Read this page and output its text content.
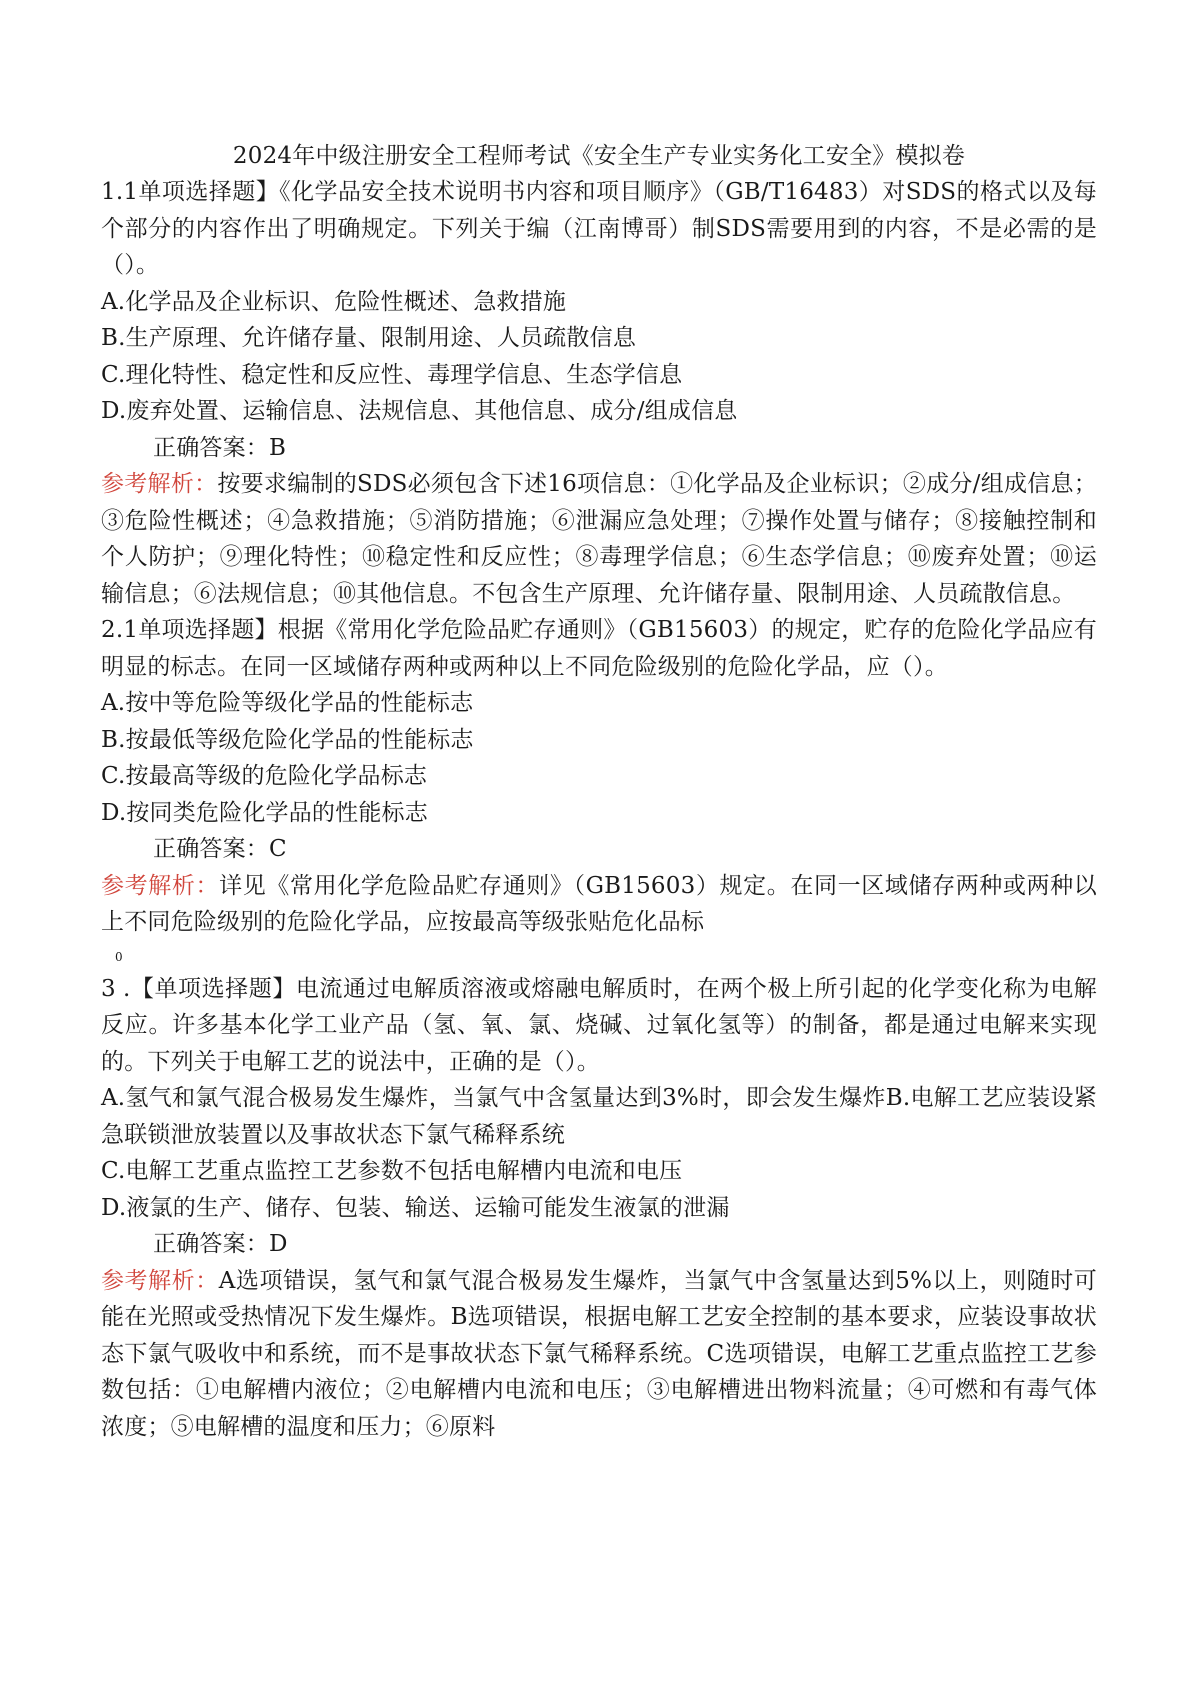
2024年中级注册安全工程师考试《安全生产专业实务化工安全》模拟卷

1.1单项选择题】《化学品安全技术说明书内容和项目顺序》（GB/T16483）对SDS的格式以及每个部分的内容作出了明确规定。下列关于编（江南博哥）制SDS需要用到的内容，不是必需的是（）。

A.化学品及企业标识、危险性概述、急救措施

B.生产原理、允许储存量、限制用途、人员疏散信息

C.理化特性、稳定性和反应性、毒理学信息、生态学信息

D.废弃处置、运输信息、法规信息、其他信息、成分/组成信息

正确答案：B

参考解析：按要求编制的SDS必须包含下述16项信息：①化学品及企业标识；②成分/组成信息；③危险性概述；④急救措施；⑤消防措施；⑥泄漏应急处理；⑦操作处置与储存；⑧接触控制和个人防护；⑨理化特性；⑩稳定性和反应性；⑧毒理学信息；⑥生态学信息；⑩废弃处置；⑩运输信息；⑥法规信息；⑩其他信息。不包含生产原理、允许储存量、限制用途、人员疏散信息。

2.1单项选择题】根据《常用化学危险品贮存通则》（GB15603）的规定，贮存的危险化学品应有明显的标志。在同一区域储存两种或两种以上不同危险级别的危险化学品，应（）。

A.按中等危险等级化学品的性能标志

B.按最低等级危险化学品的性能标志

C.按最高等级的危险化学品标志

D.按同类危险化学品的性能标志

正确答案：C

参考解析：详见《常用化学危险品贮存通则》（GB15603）规定。在同一区域储存两种或两种以上不同危险级别的危险化学品，应按最高等级张贴危化品标

3
0
.【单项选择题】电流通过电解质溶液或熔融电解质时，在两个极上所引起的化学变化称为电解反应。许多基本化学工业产品（氢、氧、氯、烧碱、过氧化氢等）的制备，都是通过电解来实现的。下列关于电解工艺的说法中，正确的是（）。

A.氢气和氯气混合极易发生爆炸，当氯气中含氢量达到3%时，即会发生爆炸B.电解工艺应装设紧急联锁泄放装置以及事故状态下氯气稀释系统

C.电解工艺重点监控工艺参数不包括电解槽内电流和电压

D.液氯的生产、储存、包装、输送、运输可能发生液氯的泄漏

正确答案：D

参考解析：A选项错误，氢气和氯气混合极易发生爆炸，当氯气中含氢量达到5%以上，则随时可能在光照或受热情况下发生爆炸。B选项错误，根据电解工艺安全控制的基本要求，应装设事故状态下氯气吸收中和系统，而不是事故状态下氯气稀释系统。C选项错误，电解工艺重点监控工艺参数包括：①电解槽内液位；②电解槽内电流和电压；③电解槽进出物料流量；④可燃和有毒气体浓度；⑤电解槽的温度和压力；⑥原料
